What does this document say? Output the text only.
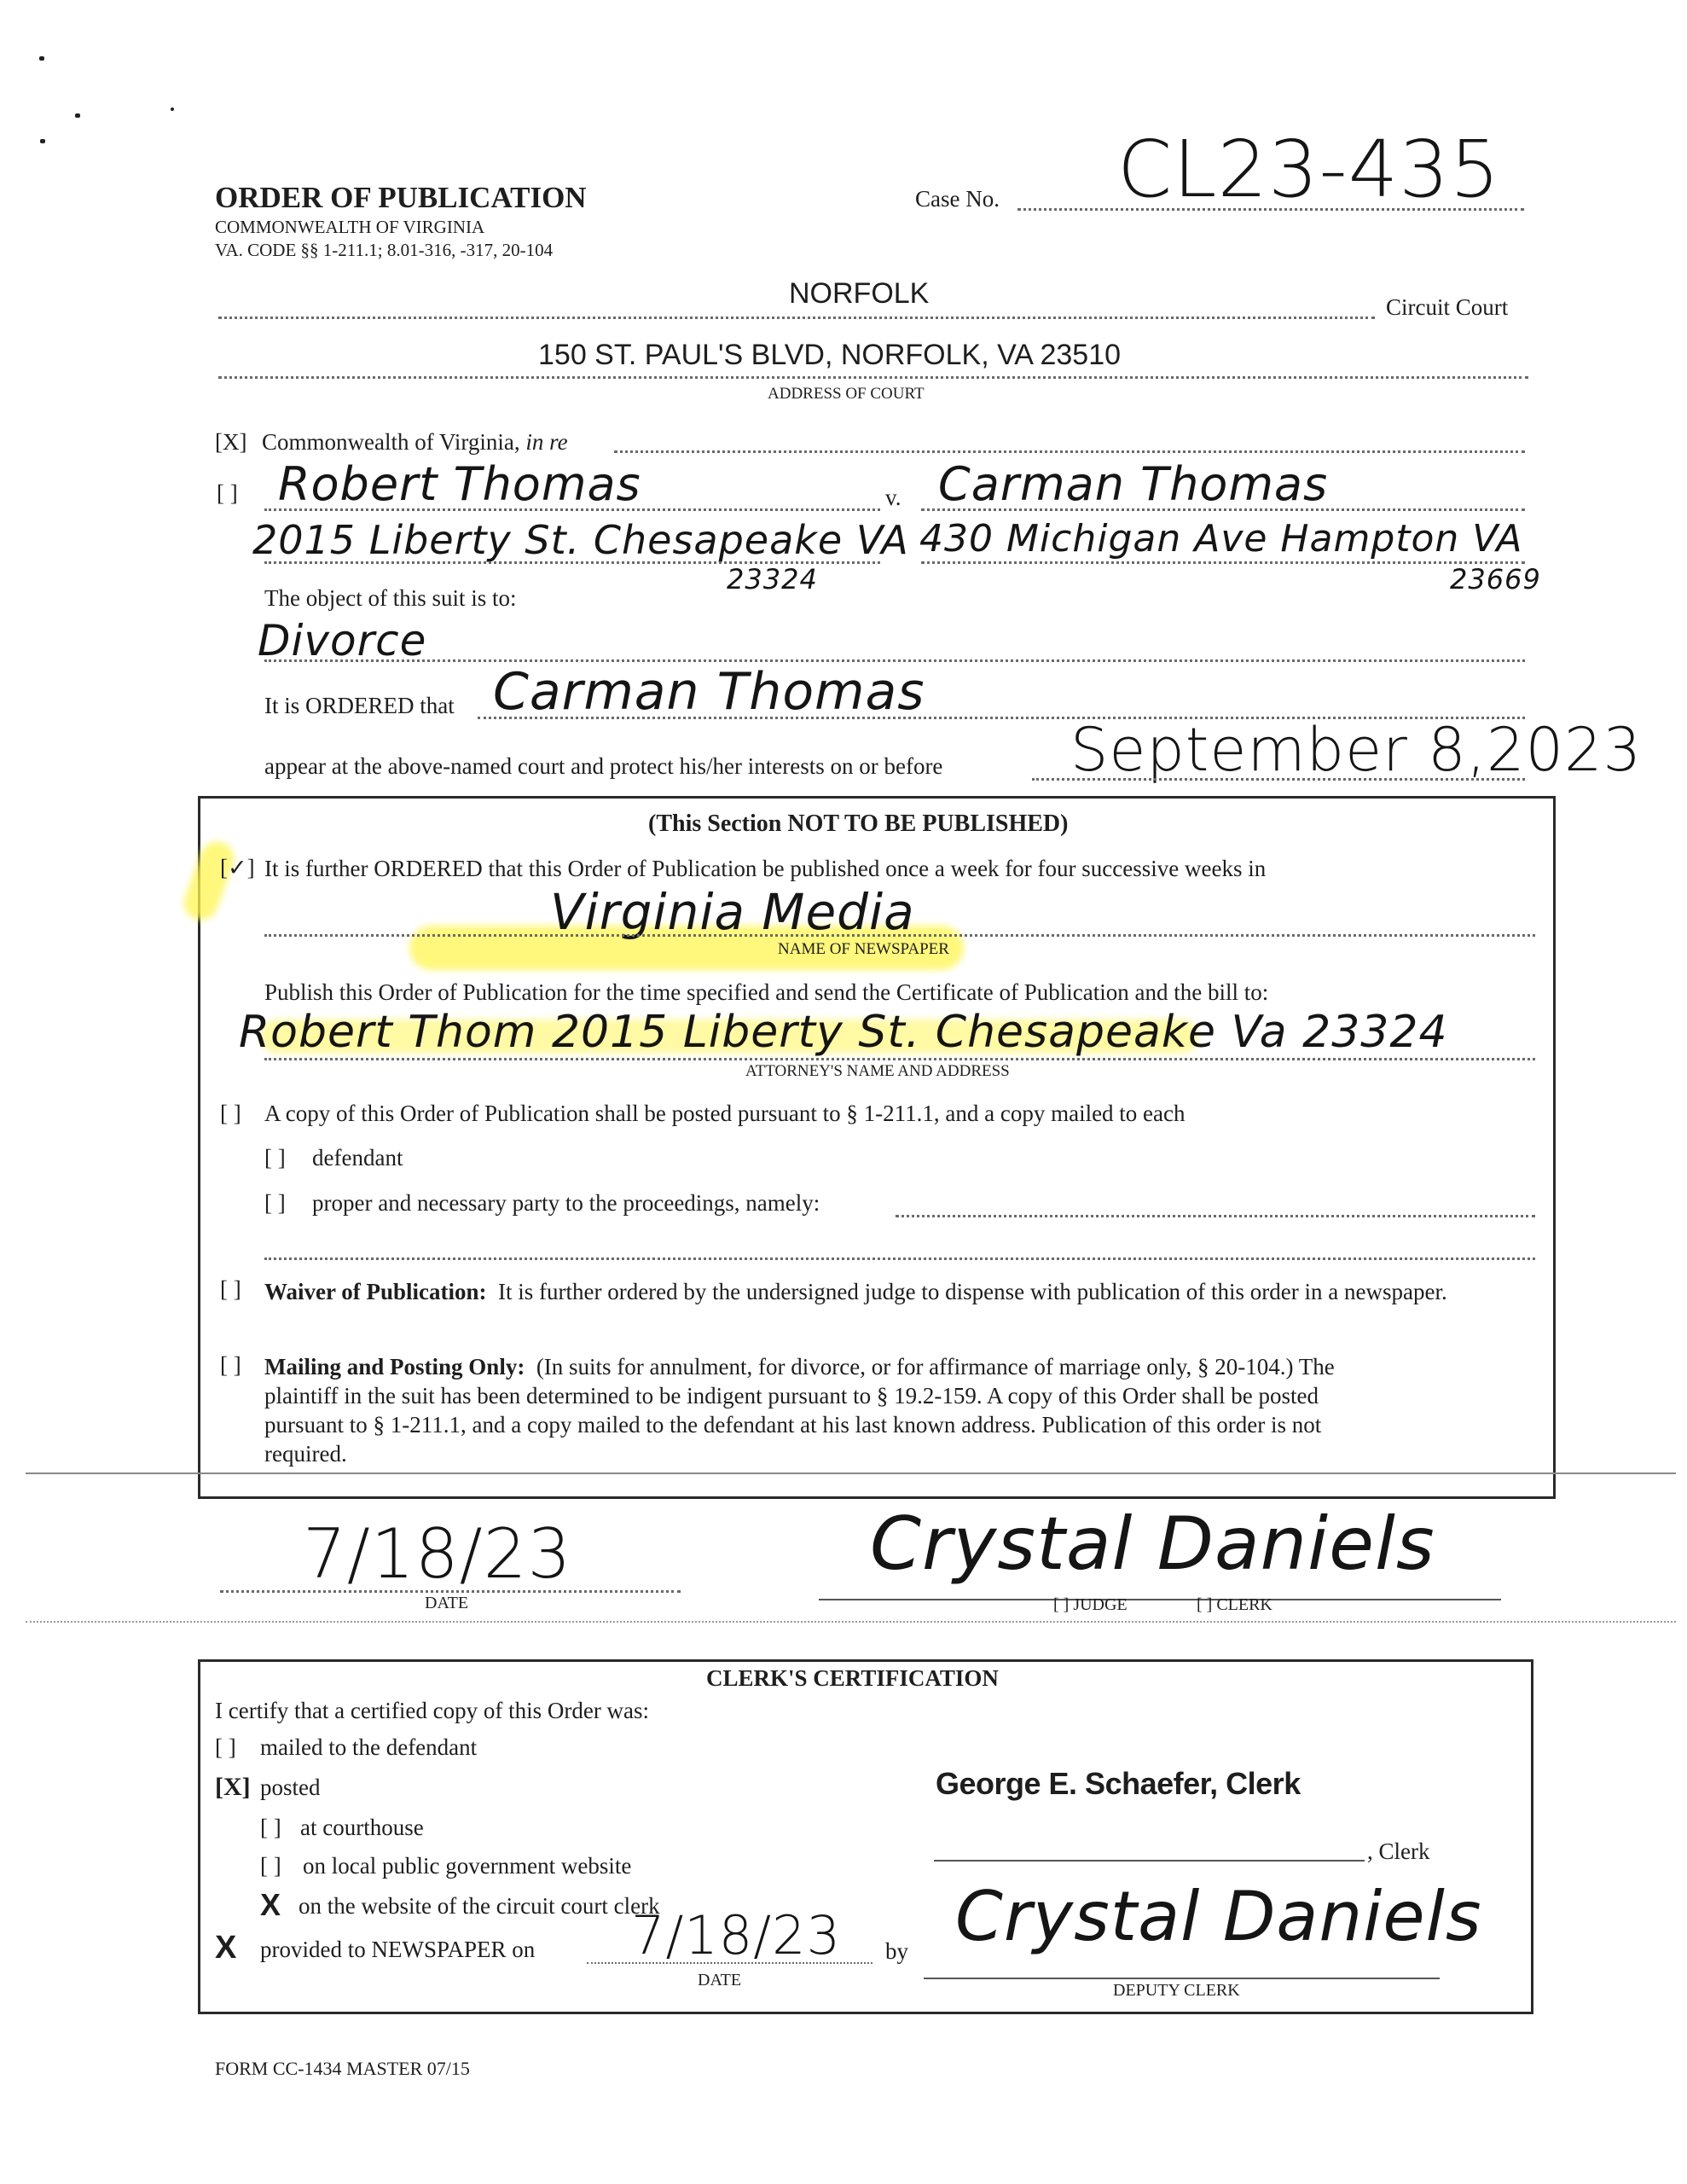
ORDER OF PUBLICATION
COMMONWEALTH OF VIRGINIA
VA. CODE §§ 1-211.1; 8.01-316, -317, 20-104
Case No. CL23-435
NORFOLK	Circuit Court
150 ST. PAUL'S BLVD, NORFOLK, VA 23510
ADDRESS OF COURT
[X] Commonwealth of Virginia, in re
[ ] Robert Thomas	v. Carman Thomas
2015 Liberty St. Chesapeake VA
23324
430 Michigan Ave Hampton VA
23669
The object of this suit is to:
Divorce
It is ORDERED that Carman Thomas
appear at the above-named court and protect his/her interests on or before September 8,2023
(This Section NOT TO BE PUBLISHED)
[✓] It is further ORDERED that this Order of Publication be published once a week for four successive weeks in
Virginia Media
NAME OF NEWSPAPER
Publish this Order of Publication for the time specified and send the Certificate of Publication and the bill to:
Robert Thom 2015 Liberty St. Chesapeake Va 23324
ATTORNEY'S NAME AND ADDRESS
[ ] A copy of this Order of Publication shall be posted pursuant to § 1-211.1, and a copy mailed to each
[ ] defendant
[ ] proper and necessary party to the proceedings, namely:
[ ] Waiver of Publication: It is further ordered by the undersigned judge to dispense with publication of this order in a newspaper.
[ ] Mailing and Posting Only: (In suits for annulment, for divorce, or for affirmance of marriage only, § 20-104.) The
plaintiff in the suit has been determined to be indigent pursuant to § 19.2-159. A copy of this Order shall be posted
pursuant to § 1-211.1, and a copy mailed to the defendant at his last known address. Publication of this order is not
required.
7/18/23
DATE
Crystal Daniels
[ ] JUDGE	[ ] CLERK
CLERK'S CERTIFICATION
I certify that a certified copy of this Order was:
[ ] mailed to the defendant
[X] posted
[ ] at courthouse
[ ] on local public government website
X on the website of the circuit court clerk
X provided to NEWSPAPER on 7/18/23
DATE
by
George E. Schaefer, Clerk
, Clerk
Crystal Daniels
DEPUTY CLERK
FORM CC-1434 MASTER 07/15
